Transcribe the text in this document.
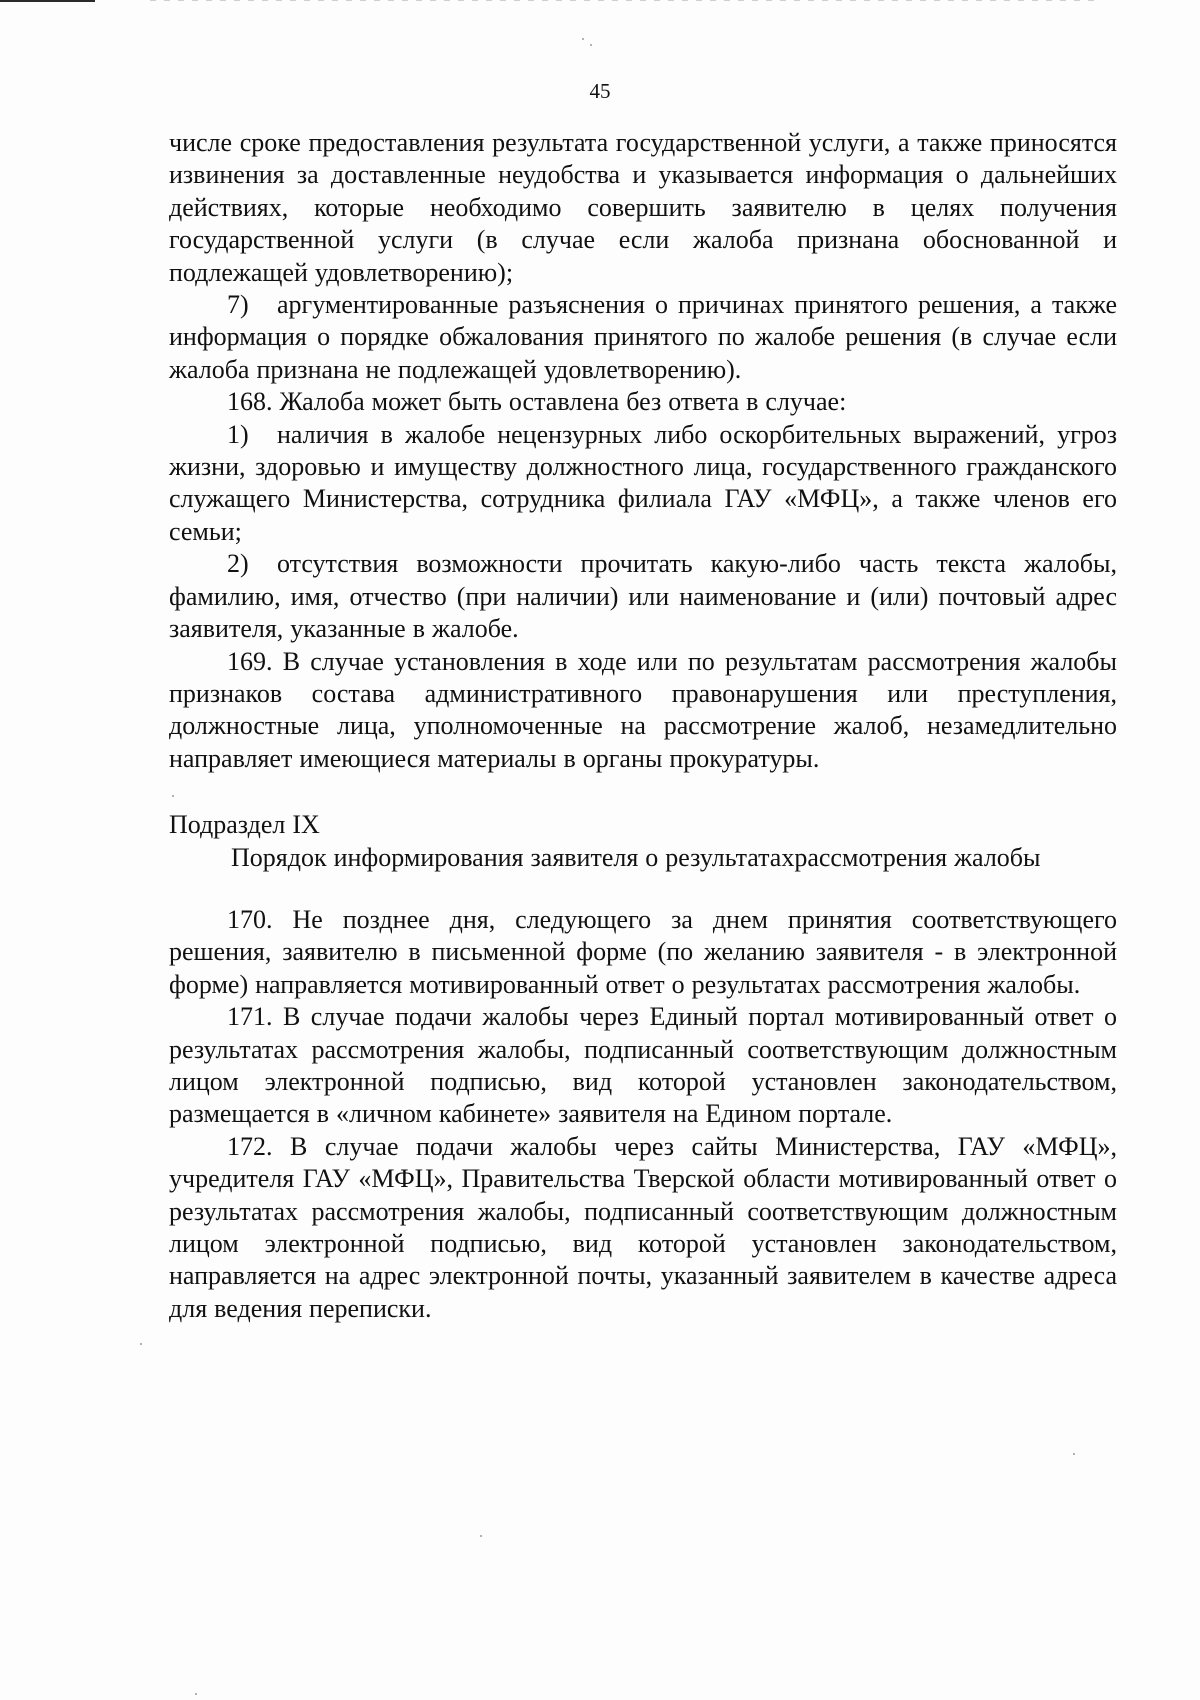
45

числе сроке предоставления результата государственной услуги, а также приносятся извинения за доставленные неудобства и указывается информация о дальнейших действиях, которые необходимо совершить заявителю в целях получения государственной услуги (в случае если жалоба признана обоснованной и подлежащей удовлетворению);

7) аргументированные разъяснения о причинах принятого решения, а также информация о порядке обжалования принятого по жалобе решения (в случае если жалоба признана не подлежащей удовлетворению).

168. Жалоба может быть оставлена без ответа в случае:

1) наличия в жалобе нецензурных либо оскорбительных выражений, угроз жизни, здоровью и имуществу должностного лица, государственного гражданского служащего Министерства, сотрудника филиала ГАУ «МФЦ», а также членов его семьи;

2) отсутствия возможности прочитать какую-либо часть текста жалобы, фамилию, имя, отчество (при наличии) или наименование и (или) почтовый адрес заявителя, указанные в жалобе.

169. В случае установления в ходе или по результатам рассмотрения жалобы признаков состава административного правонарушения или преступления, должностные лица, уполномоченные на рассмотрение жалоб, незамедлительно направляет имеющиеся материалы в органы прокуратуры.

Подраздел IX

Порядок информирования заявителя о результатахрассмотрения жалобы

170. Не позднее дня, следующего за днем принятия соответствующего решения, заявителю в письменной форме (по желанию заявителя - в электронной форме) направляется мотивированный ответ о результатах рассмотрения жалобы.

171. В случае подачи жалобы через Единый портал мотивированный ответ о результатах рассмотрения жалобы, подписанный соответствующим должностным лицом электронной подписью, вид которой установлен законодательством, размещается в «личном кабинете» заявителя на Едином портале.

172. В случае подачи жалобы через сайты Министерства, ГАУ «МФЦ», учредителя ГАУ «МФЦ», Правительства Тверской области мотивированный ответ о результатах рассмотрения жалобы, подписанный соответствующим должностным лицом электронной подписью, вид которой установлен законодательством, направляется на адрес электронной почты, указанный заявителем в качестве адреса для ведения переписки.
